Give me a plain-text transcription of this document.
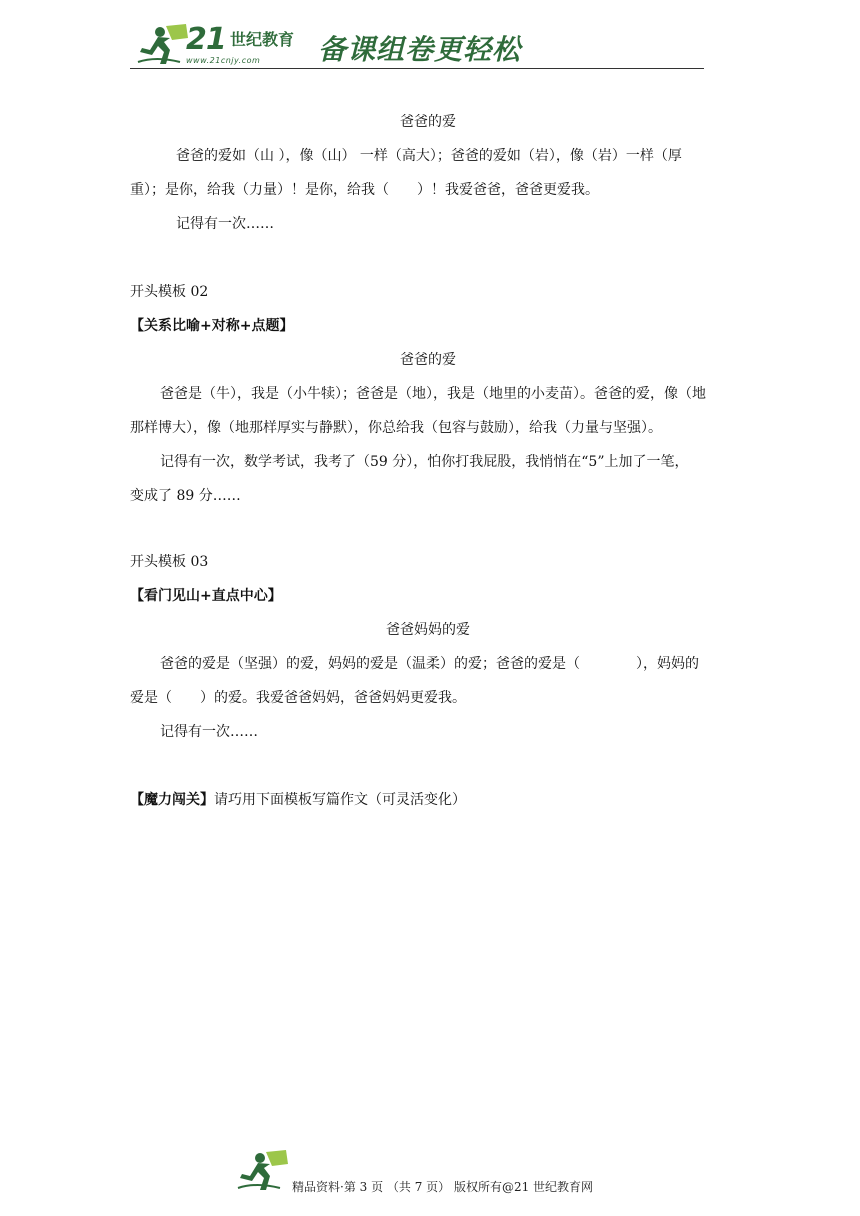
21 世纪教育
www.21cnjy.com 备课组卷更轻松
爸爸的爱
爸爸的爱如（山 ），像（山） 一样（高大）；爸爸的爱如（岩），像（岩）一样（厚
重）；是你，给我（力量）！是你，给我（　　）！我爱爸爸，爸爸更爱我。
记得有一次……
开头模板 02
【关系比喻+对称+点题】
爸爸的爱
爸爸是（牛），我是（小牛犊）；爸爸是（地），我是（地里的小麦苗）。爸爸的爱，像（地
那样博大），像（地那样厚实与静默），你总给我（包容与鼓励），给我（力量与坚强）。
记得有一次，数学考试，我考了（59 分），怕你打我屁股，我悄悄在“5”上加了一笔，
变成了 89 分……
开头模板 03
【看门见山+直点中心】
爸爸妈妈的爱
爸爸的爱是（坚强）的爱，妈妈的爱是（温柔）的爱；爸爸的爱是（　　　　），妈妈的
爱是（　　）的爱。我爱爸爸妈妈，爸爸妈妈更爱我。
记得有一次……
【魔力闯关】请巧用下面模板写篇作文（可灵活变化）
精品资料·第 3 页 （共 7 页） 版权所有@21 世纪教育网
